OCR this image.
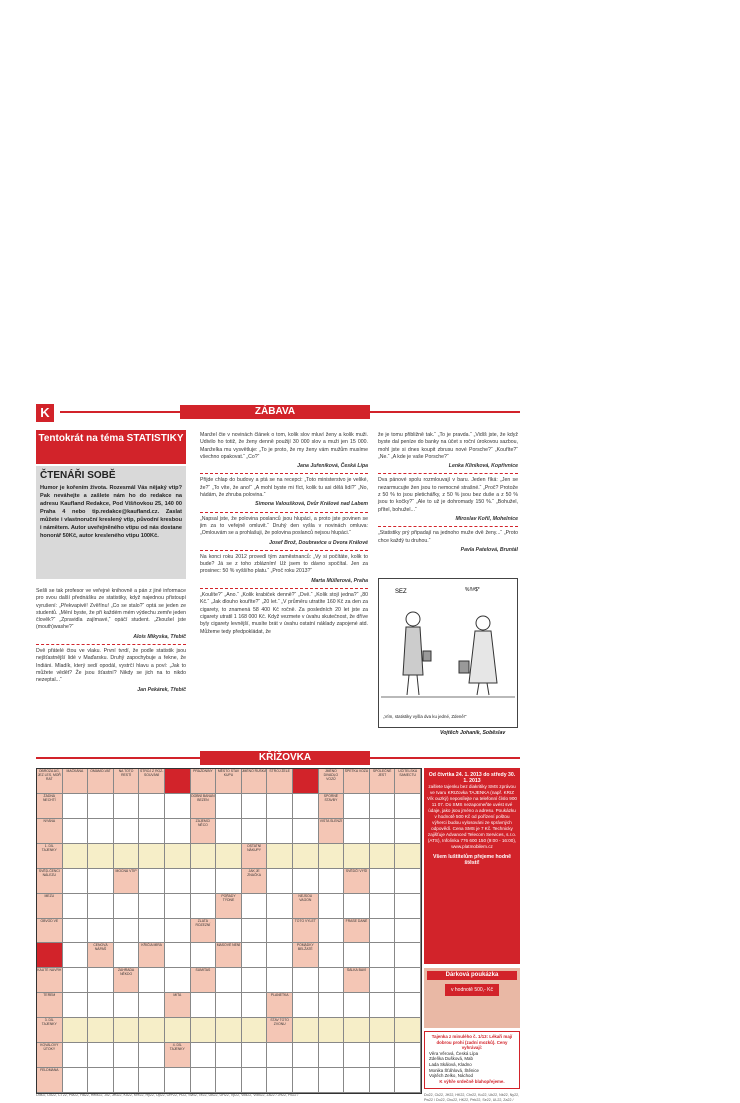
K	ZÁBAVA
Tentokrát na téma STATISTIKY
ČTENÁŘI SOBĚ
Humor je kořením života. Rozesmál Vás nějaký vtip? Pak neváhejte a zašlete nám ho do redakce na adresu Kaufland Redakce, Pod Višňovkou 25, 140 00 Praha 4 nebo tip.redakce@kaufland.cz. Zaslat můžete i vlastnoruční kreslený vtip, původní kresbou i námětem. Autor uveřejněného vtipu od nás dostane honorář 50Kč, autor kresleného vtipu 100Kč.

Sešli se tak profesor ve veřejné knihovně a pán z jiné informace pro svou další přednášku ze statistiky, když najednou přistoupí vyrušení: „Překvapivě! Zvěřínu! „Co se stalo?“ optá se jeden ze studentů. „Mění byste, že při každém mém výdechu zemře jeden člověk?“ „Zpravidla zajímavé,“ opáčí student. „Zkoušel jste (mouth)washe?“

Alois Mikyska, Třebíč

Dvě přátelé čtou ve vlaku. První tvrdí, že podle statistik jsou nejšťastnější lidé v Maďarsku. Druhý zapochybuje a řekne, že Indiáni. Mladík, který sedí opodál, vystrčí hlavu a poví: „Jak to můžete vědět? Že jsou šťastní? Nikdy se jich na to nikdo nezeptal...“

Jan Pekárek, Třebíč

Manžel čte v novinách článek o tom, kolik slov mluví ženy a kolik muži. Udivilo ho totiž, že ženy denně použijí 30 000 slov a muži jen 15 000. Manželka mu vysvětluje: „To je proto, že my ženy vám mužům musíme všechno opakovat.“ „Co?“

Jana Juřeníková, Česká Lípa

Přijde chlap do budovy a ptá se na recepci: „Toto ministerstvo je veliké, že?“ „To víte, že ano!“ „A mohl byste mi říct, kolik tu asi dělá lidí?“ „No, hádám, že zhruba polovina.“

Simona Valoušková, Dvůr Králové nad Labem

„Napsal jste, že polovina poslanců jsou hlupáci, a proto jste povinen se jim za to veřejně omluvit.“ Druhý den vyšla v novinách omluva: „Omlouvám se a prohlašuji, že polovina poslanců nejsou hlupáci.“

Josef Brož, Doubravice u Dvora Králové

Na konci roku 2012 provedl tým zaměstnanců: „Vy si počítáte, kolik to bude? Já se z toho zblázním! Už jsem to dávno spočítal. Jen za prosinec: 50 % vyššího platu.“ „Proč roku 2013?“

Marta Müllerová, Praha

„Koulíte?“ „Ano.“ „Kolik krabiček denně?“ „Dvě.“ „Kolik stojí jedna?“ „80 Kč.“ „Jak dlouho kouříte?“ „20 let.“ „V průměru utratíte 160 Kč za den za cigarety, to znamená 58 400 Kč ročně. Za posledních 20 let jste za cigarety utratil 1 168 000 Kč. Když vezmete v úvahu skutečnost, že dříve byly cigarety levnější, musíte brát v úvahu ostatní náklady zapojené atd. Můžeme tedy předpokládat, že

že je tomu přibližně tak.“ „To je pravda.“ „Vidíš jste, že když byste dal peníze do banky na účet s roční úrokovou sazbou, mohl jste si dnes koupit zbrusu nové Porsche?“ „Kouříte?“ „Ne.“ „A kde je vaše Porsche?“

Lenka Kliniková, Kopřivnice

Dva pánové spolu rozmlouvají v baru. Jeden říká: „Jen se nezarmucujte žen jsou to nemocné strašné.“ „Proč? Protože z 50 % to jsou pletichářky, z 50 % jsou bez duše a z 50 % jsou to kočky?“ „Ale to už je dohromady 150 %.“ „Bohužel, přítel, bohužel...“

Miroslav Kořil, Mohelnice

„Statistiky prý připadají na jednoho muže dvě ženy...“ „Proto chce každý tu druhou.“

Pavla Patelová, Bruntál
SEZ	%!!#$*
„Vím, statistiky vyšla dva ku jedné, Zdeně!“
Vojtěch Johanik, Soběslav
KŘÍŽOVKA
OBROZA AG. JEZ LES, MOŘ RAT
MAČKÁNA	OMAMO-VAT	NA TOTO RESTÍ
STROJ Z ROZ-SOUVÁNÍ
PRÁZDNINY	MĚSTO STAV KUPU
JMÉNO RUSKÁ STROJ ŽELE	JMÉNO DIVADLO VOZŮ
ŠPETKA VOZU	SPOLEČNÉ JEST
UČITELSKÁ SAMECTU
ŽÁDNÁ NECHTÍ
DOBNÍ BANAN BEZEN
SPORNÉ STAVBY
NYÁNA	ZÁJEMCI NĚCO
VISTA SLENZÍ
1. DÍL TAJENKY
OSTATNÍ NÁKUPY
SVĚD-ČENCI NÁLEZU
MOCNÁ VTIP	JAK JE ZNAČKA
SVĚDČÍ VÝŠÍ
MEZU	POŘADY TÝDNE
NEJSOU VAGON
OBVOD VE	ZLATÁ ROZEZNÍ
TOTO VÝLET	FRASE DANÉ
CENOVÁ NÁPAŠ
KŘIČIA MÍRA	MASOVÉ NENÍ	POMÁDKY BELŽATÉ
KAUTÉ NÁVRH	ZAHRADA NĚKDO
SUMITAS	ŠÁLKA BAVÍ
TEREM	MITA	PLANETKA
3. DÍL TAJENKY
STAV TOTO ZVONU
KOVALOVÝ ÚTOKY
4. DÍL TAJENKY
FELDMANA
Od čtvrtka 24. 1. 2013 do středy 30. 1. 2013
zašlete tajenku bez diakritiky SMS zprávou ve tvaru KRIZovka TAJENKA (např. KRIZ Vík ouzký) neposílejte na telefonní číslo 900 11 07. Do SMS nezapomeňte uvést své údaje, jako jsou jméno a adresu. Poukázku v hodnotě 500 Kč od pořízení poštou výherci budou vylosováni ze správných odpovědí. Cena SMS je 7 Kč. Technicky zajišťuje Advanced Telecom Services, s.r.o. (ATS), Infolinka 776 600 150 (9:00 - 16:00), www.platmobilem.cz
Všem luštitelům přejeme hodně štěstí!
Dárková poukázka
v hodnotě 500,- Kč
Tajenka z minulého č. 1/13: Lékaři mají dobrou prohi (zadní mozků). Ceny vyhrávají:
Věra Věrová, Česká Lípa
Zdeňka Dušková, Mab
Lada Skálová, Kladno
Monika Šťáhlová, Štěnice
Vojtěch Zelko, Náchod
K výhře srdečně blahopřejeme.
Dol02, Do22, CT22, PM22, Ha22, HeM22, Jil2, Jeu22, Ko22, Kre22, Hy22, Op22, OrP22, Pi22, SvB2, Te22, UB22, UH22, Vp22, Vod22, VoM22, Za22 / JH22, Po22 /	Do22, Ck22, JH22, HK22, Chr22, Ko22, Ub22, Nb22, Ny22, Pw22 / Do22, Chu22, HK22, Pek22, Se22, UL22, Za22 /
